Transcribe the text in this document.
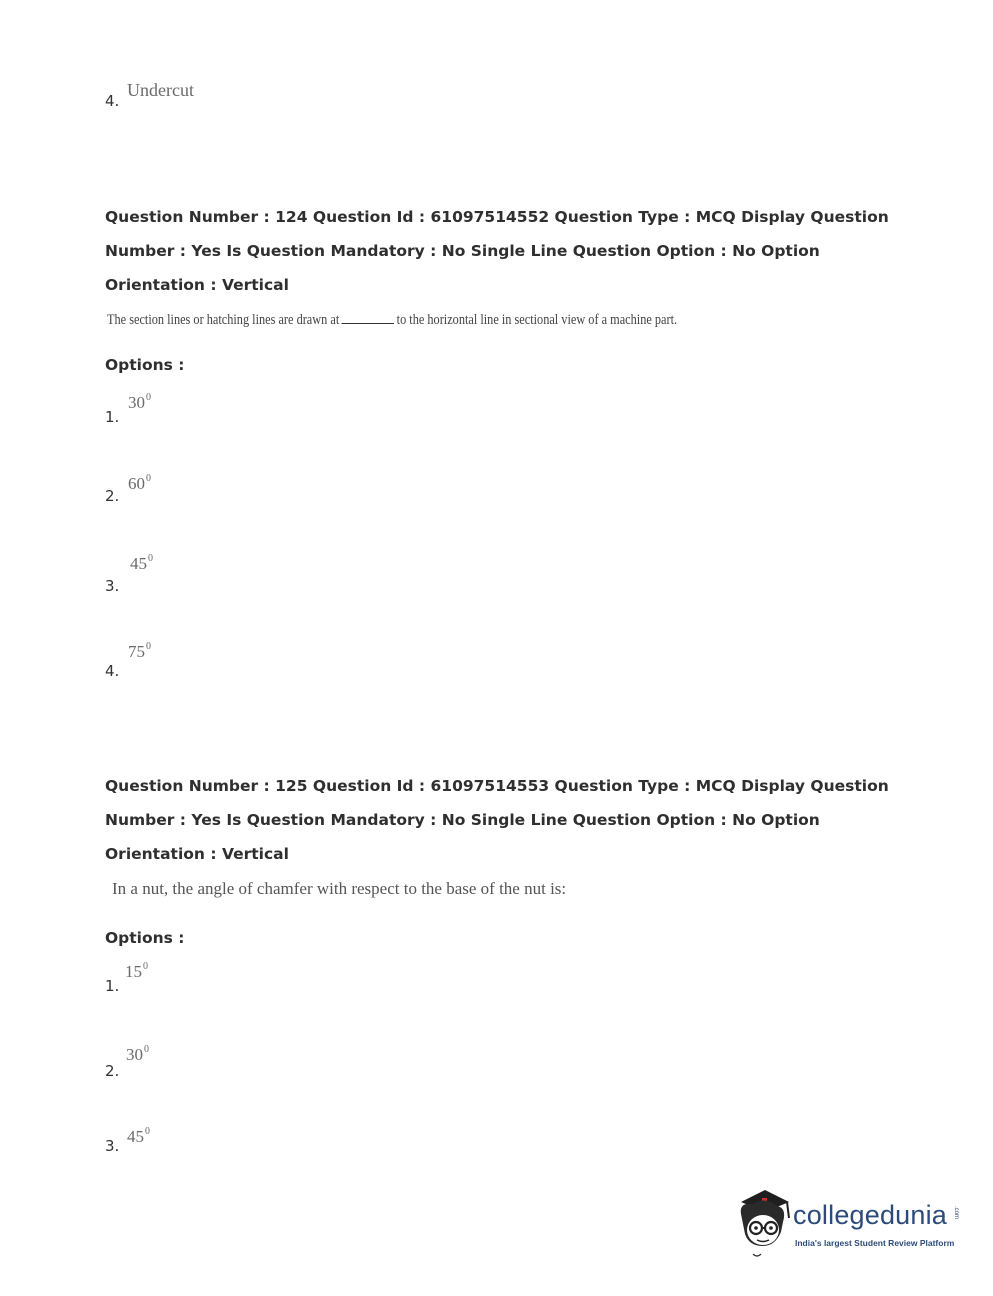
4.
Undercut

Question Number : 124 Question Id : 61097514552 Question Type : MCQ Display Question

Number : Yes Is Question Mandatory : No Single Line Question Option : No Option

Orientation : Vertical

The section lines or hatching lines are drawn at	to the horizontal line in sectional view of a machine part.
Options :
1.
$30^0$
2.
$60^0$
3.
$45^0$
4.
$75^0$

Question Number : 125 Question Id : 61097514553 Question Type : MCQ Display Question

Number : Yes Is Question Mandatory : No Single Line Question Option : No Option

Orientation : Vertical

In a nut, the angle of chamfer with respect to the base of the nut is:
Options :
1.
$15^0$
2.
$30^0$
3. $45^0$
collegedunia .com
India's largest Student Review Platform
